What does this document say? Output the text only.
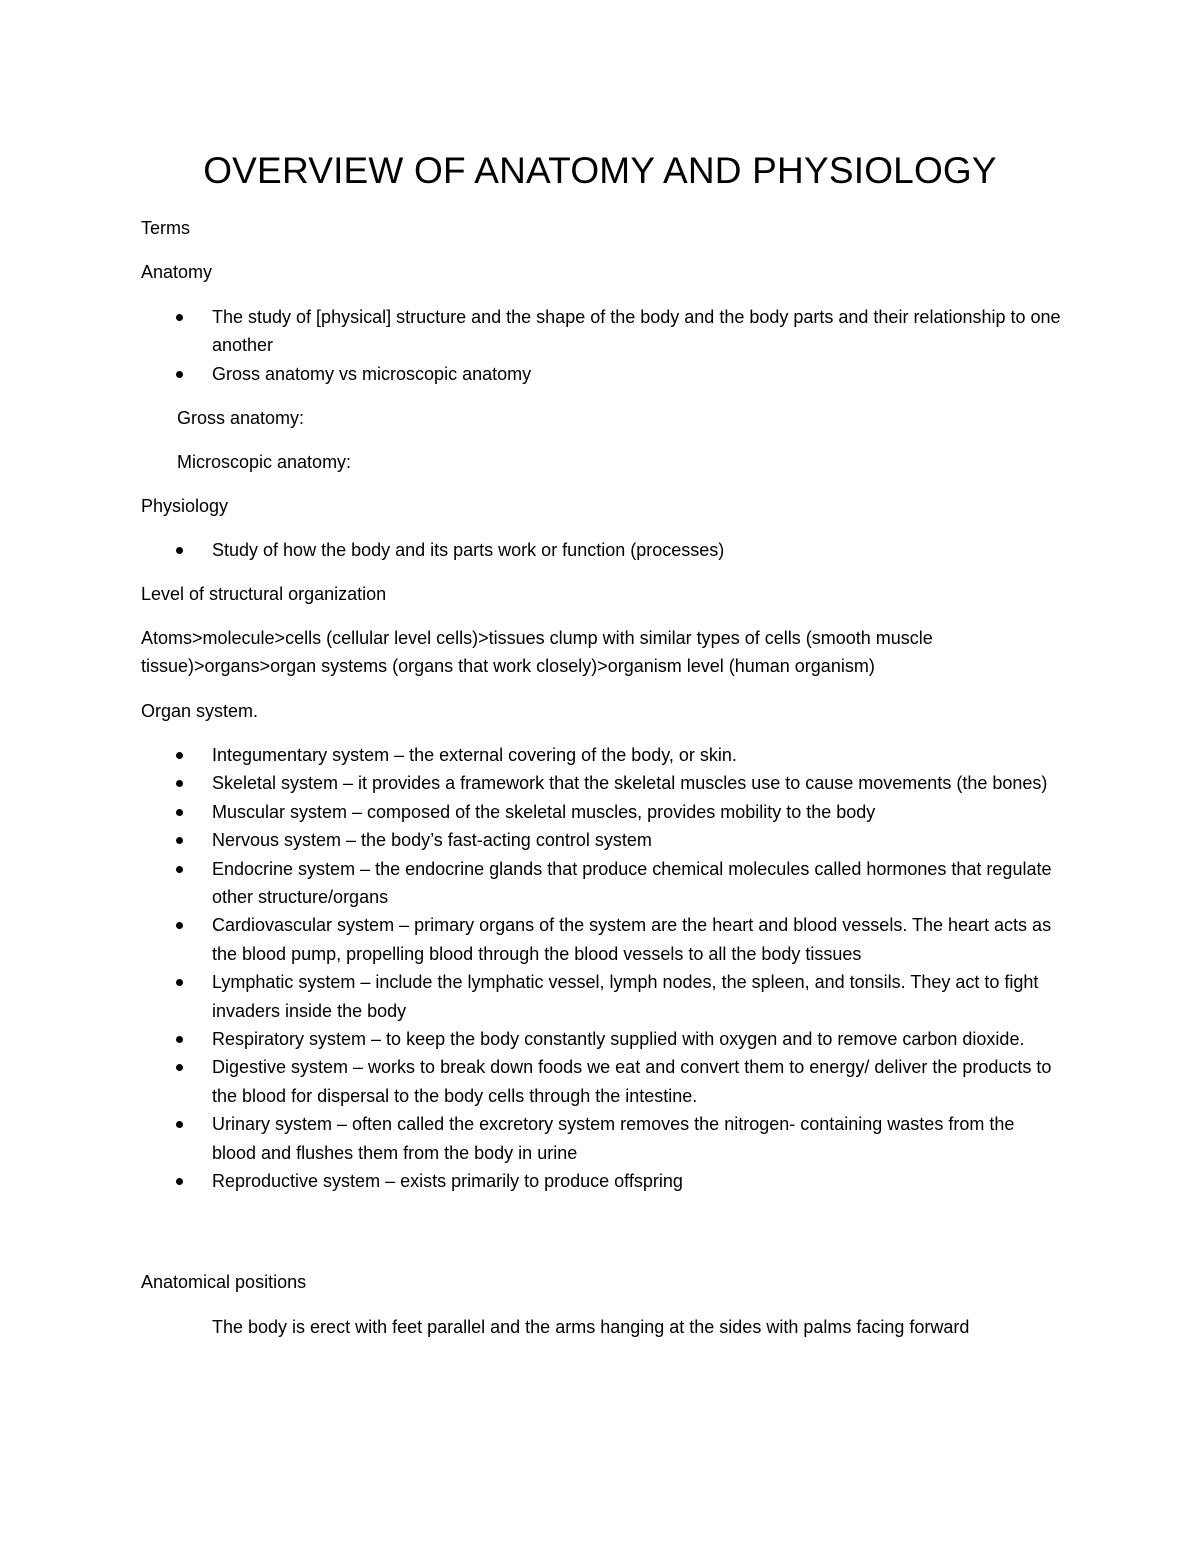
OVERVIEW OF ANATOMY AND PHYSIOLOGY
Terms
Anatomy
The study of [physical] structure and the shape of the body and the body parts and their relationship to one another
Gross anatomy vs microscopic anatomy
Gross anatomy:
Microscopic anatomy:
Physiology
Study of how the body and its parts work or function (processes)
Level of structural organization
Atoms>molecule>cells (cellular level cells)>tissues clump with similar types of cells (smooth muscle tissue)>organs>organ systems (organs that work closely)>organism level (human organism)
Organ system.
Integumentary system – the external covering of the body, or skin.
Skeletal system – it provides a framework that the skeletal muscles use to cause movements (the bones)
Muscular system – composed of the skeletal muscles, provides mobility to the body
Nervous system – the body’s fast-acting control system
Endocrine system – the endocrine glands that produce chemical molecules called hormones that regulate other structure/organs
Cardiovascular system – primary organs of the system are the heart and blood vessels. The heart acts as the blood pump, propelling blood through the blood vessels to all the body tissues
Lymphatic system – include the lymphatic vessel, lymph nodes, the spleen, and tonsils. They act to fight invaders inside the body
Respiratory system – to keep the body constantly supplied with oxygen and to remove carbon dioxide.
Digestive system – works to break down foods we eat and convert them to energy/ deliver the products to the blood for dispersal to the body cells through the intestine.
Urinary system – often called the excretory system removes the nitrogen- containing wastes from the blood and flushes them from the body in urine
Reproductive system – exists primarily to produce offspring
Anatomical positions
The body is erect with feet parallel and the arms hanging at the sides with palms facing forward
